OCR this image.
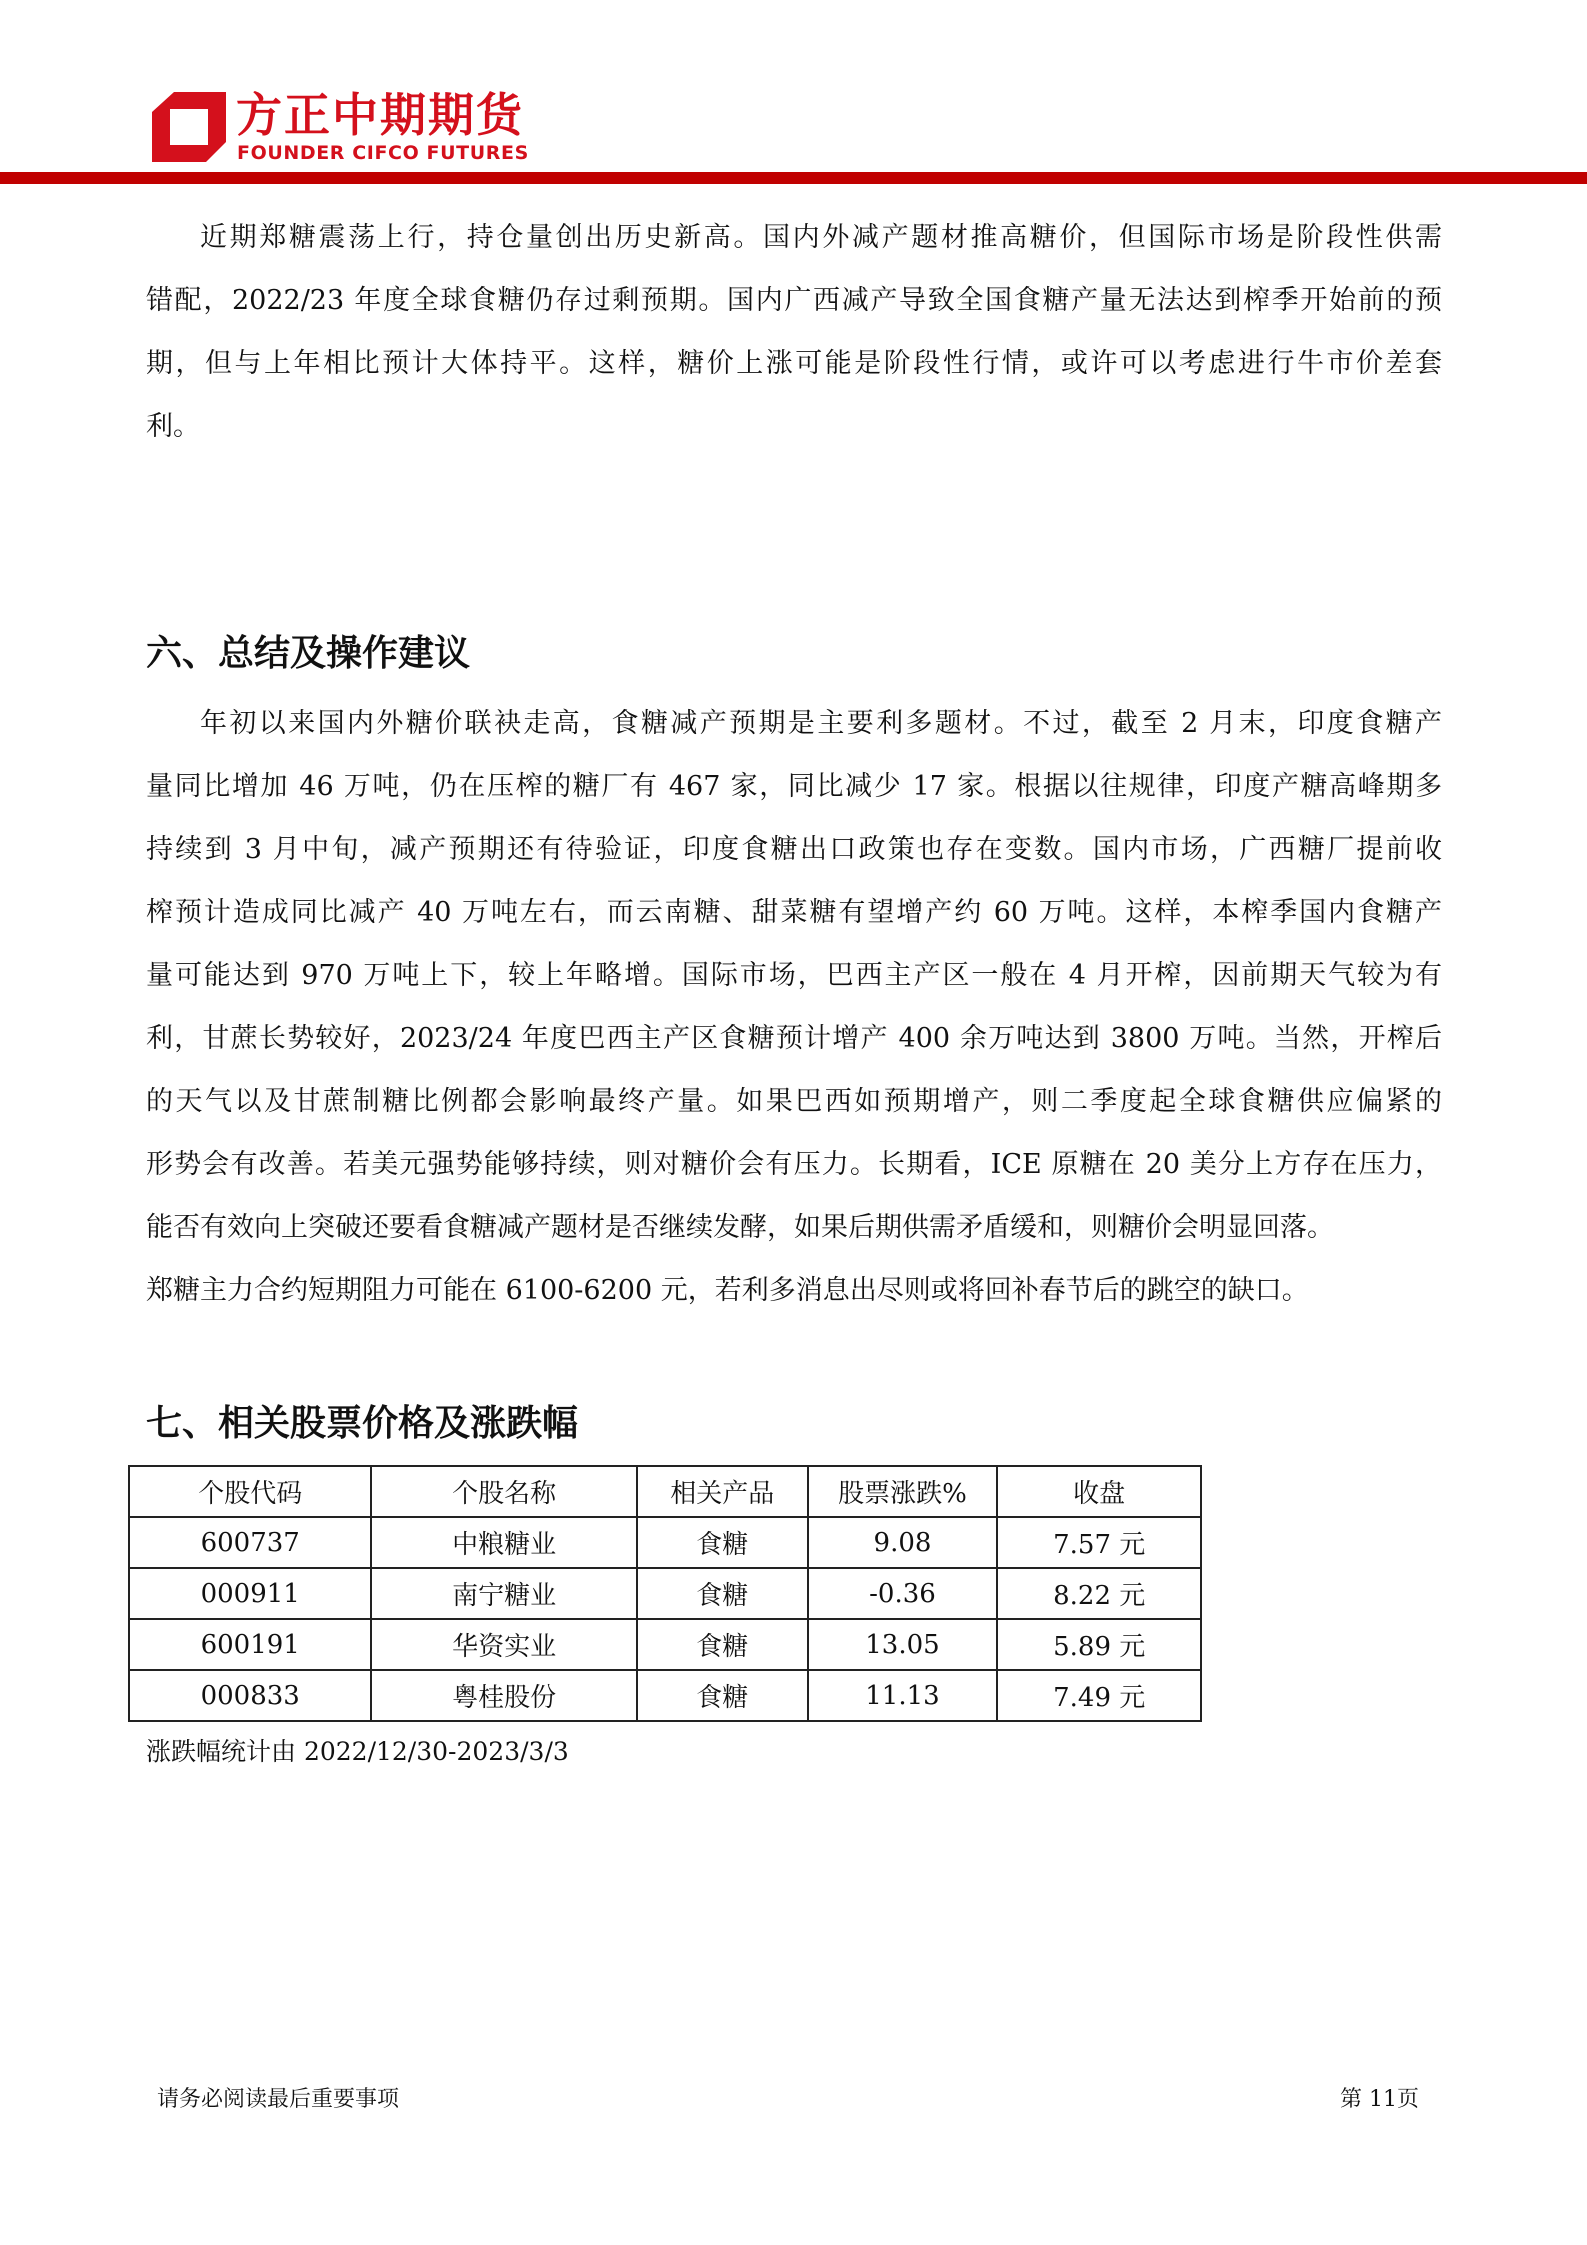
方正中期期货
FOUNDER CIFCO FUTURES
近期郑糖震荡上行，持仓量创出历史新高。国内外减产题材推高糖价，但国际市场是阶段性供需
错配，2022/23 年度全球食糖仍存过剩预期。国内广西减产导致全国食糖产量无法达到榨季开始前的预
期，但与上年相比预计大体持平。这样，糖价上涨可能是阶段性行情，或许可以考虑进行牛市价差套
利。
六、总结及操作建议
年初以来国内外糖价联袂走高，食糖减产预期是主要利多题材。不过，截至 2 月末，印度食糖产
量同比增加 46 万吨，仍在压榨的糖厂有 467 家，同比减少 17 家。根据以往规律，印度产糖高峰期多
持续到 3 月中旬，减产预期还有待验证，印度食糖出口政策也存在变数。国内市场，广西糖厂提前收
榨预计造成同比减产 40 万吨左右，而云南糖、甜菜糖有望增产约 60 万吨。这样，本榨季国内食糖产
量可能达到 970 万吨上下，较上年略增。国际市场，巴西主产区一般在 4 月开榨，因前期天气较为有
利，甘蔗长势较好，2023/24 年度巴西主产区食糖预计增产 400 余万吨达到 3800 万吨。当然，开榨后
的天气以及甘蔗制糖比例都会影响最终产量。如果巴西如预期增产，则二季度起全球食糖供应偏紧的
形势会有改善。若美元强势能够持续，则对糖价会有压力。长期看，ICE 原糖在 20 美分上方存在压力，
能否有效向上突破还要看食糖减产题材是否继续发酵，如果后期供需矛盾缓和，则糖价会明显回落。
郑糖主力合约短期阻力可能在 6100-6200 元，若利多消息出尽则或将回补春节后的跳空的缺口。
七、相关股票价格及涨跌幅
个股代码	个股名称	相关产品	股票涨跌%	收盘
600737	中粮糖业	食糖	9.08	7.57 元
000911	南宁糖业	食糖	-0.36	8.22 元
600191	华资实业	食糖	13.05	5.89 元
000833	粤桂股份	食糖	11.13	7.49 元
涨跌幅统计由 2022/12/30-2023/3/3
请务必阅读最后重要事项	第 11页
